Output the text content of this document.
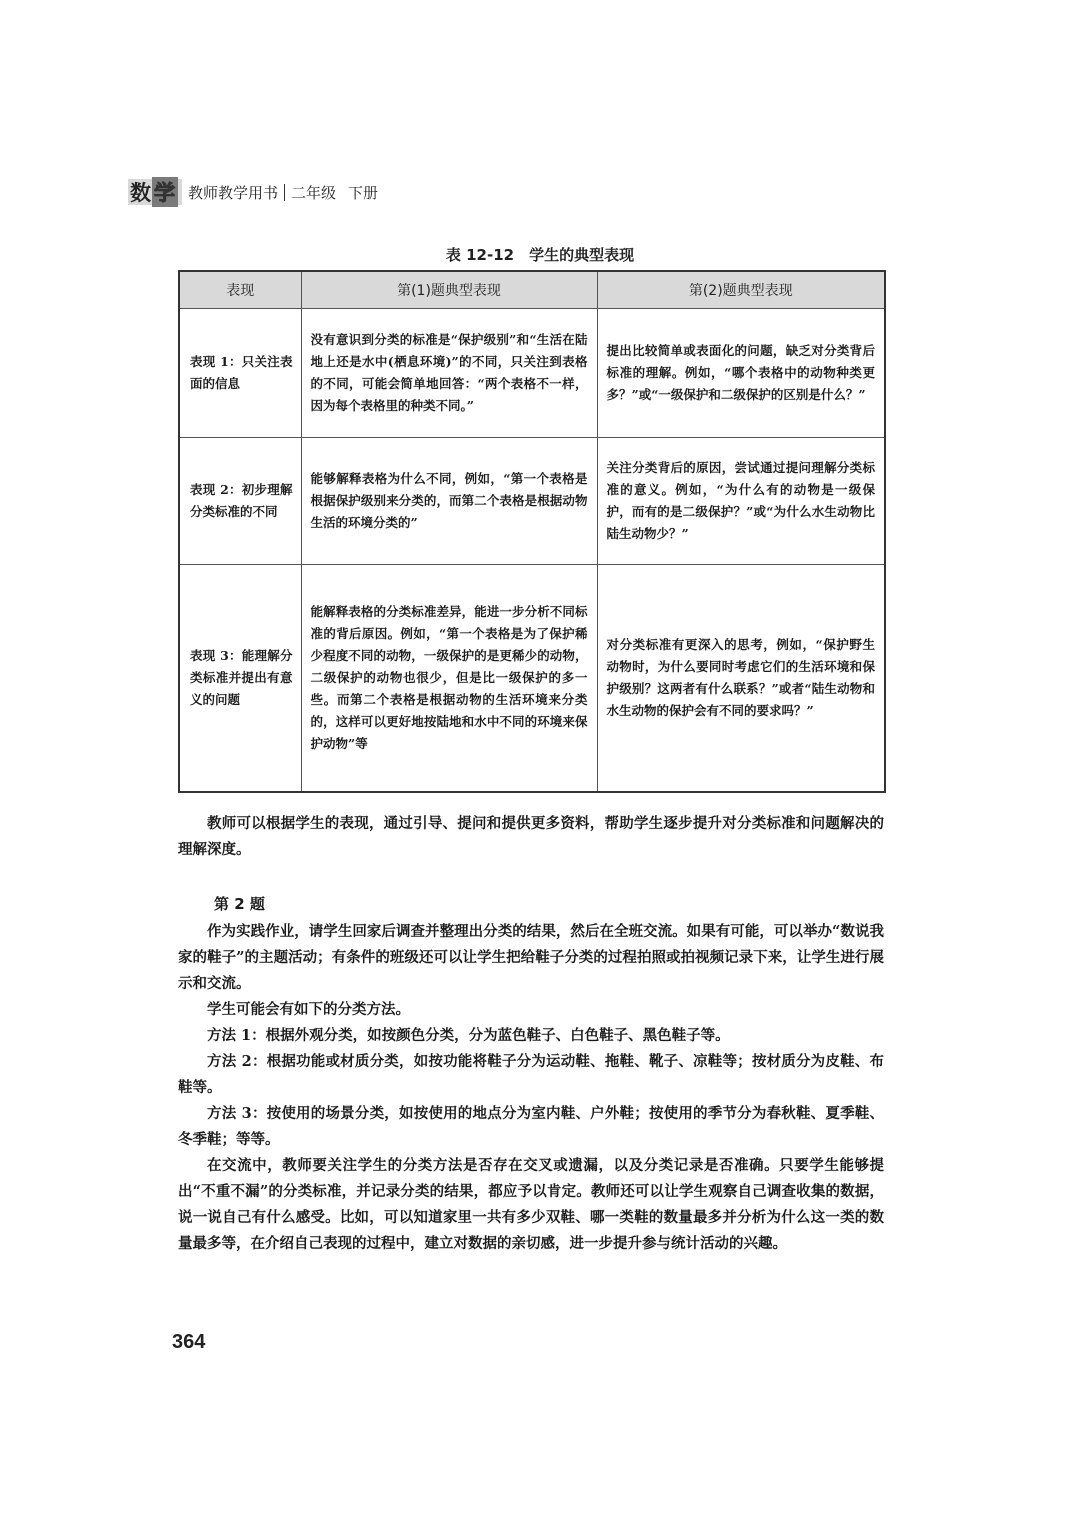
数 学 教师教学用书 二年级 下册
表 12-12　学生的典型表现
表现	第(1)题典型表现	第(2)题典型表现
表现 1：只关注表面的信息	没有意识到分类的标准是“保护级别”和“生活在陆地上还是水中(栖息环境)”的不同，只关注到表格的不同，可能会简单地回答：“两个表格不一样，因为每个表格里的种类不同。”	提出比较简单或表面化的问题，缺乏对分类背后标准的理解。例如，“哪个表格中的动物种类更多？”或“一级保护和二级保护的区别是什么？”
表现 2：初步理解分类标准的不同	能够解释表格为什么不同，例如，“第一个表格是根据保护级别来分类的，而第二个表格是根据动物生活的环境分类的”	关注分类背后的原因，尝试通过提问理解分类标准的意义。例如，“为什么有的动物是一级保护，而有的是二级保护？”或“为什么水生动物比陆生动物少？”
表现 3：能理解分类标准并提出有意义的问题	能解释表格的分类标准差异，能进一步分析不同标准的背后原因。例如，“第一个表格是为了保护稀少程度不同的动物，一级保护的是更稀少的动物，二级保护的动物也很少，但是比一级保护的多一些。而第二个表格是根据动物的生活环境来分类的，这样可以更好地按陆地和水中不同的环境来保护动物”等	对分类标准有更深入的思考，例如，“保护野生动物时，为什么要同时考虑它们的生活环境和保护级别？这两者有什么联系？”或者“陆生动物和水生动物的保护会有不同的要求吗？”

教师可以根据学生的表现，通过引导、提问和提供更多资料，帮助学生逐步提升对分类标准和问题解决的理解深度。

第 2 题

作为实践作业，请学生回家后调查并整理出分类的结果，然后在全班交流。如果有可能，可以举办“数说我家的鞋子”的主题活动；有条件的班级还可以让学生把给鞋子分类的过程拍照或拍视频记录下来，让学生进行展示和交流。

学生可能会有如下的分类方法。

方法 1：根据外观分类，如按颜色分类，分为蓝色鞋子、白色鞋子、黑色鞋子等。

方法 2：根据功能或材质分类，如按功能将鞋子分为运动鞋、拖鞋、靴子、凉鞋等；按材质分为皮鞋、布鞋等。

方法 3：按使用的场景分类，如按使用的地点分为室内鞋、户外鞋；按使用的季节分为春秋鞋、夏季鞋、冬季鞋；等等。

在交流中，教师要关注学生的分类方法是否存在交叉或遗漏，以及分类记录是否准确。只要学生能够提出“不重不漏”的分类标准，并记录分类的结果，都应予以肯定。教师还可以让学生观察自己调查收集的数据，说一说自己有什么感受。比如，可以知道家里一共有多少双鞋、哪一类鞋的数量最多并分析为什么这一类的数量最多等，在介绍自己表现的过程中，建立对数据的亲切感，进一步提升参与统计活动的兴趣。

364
